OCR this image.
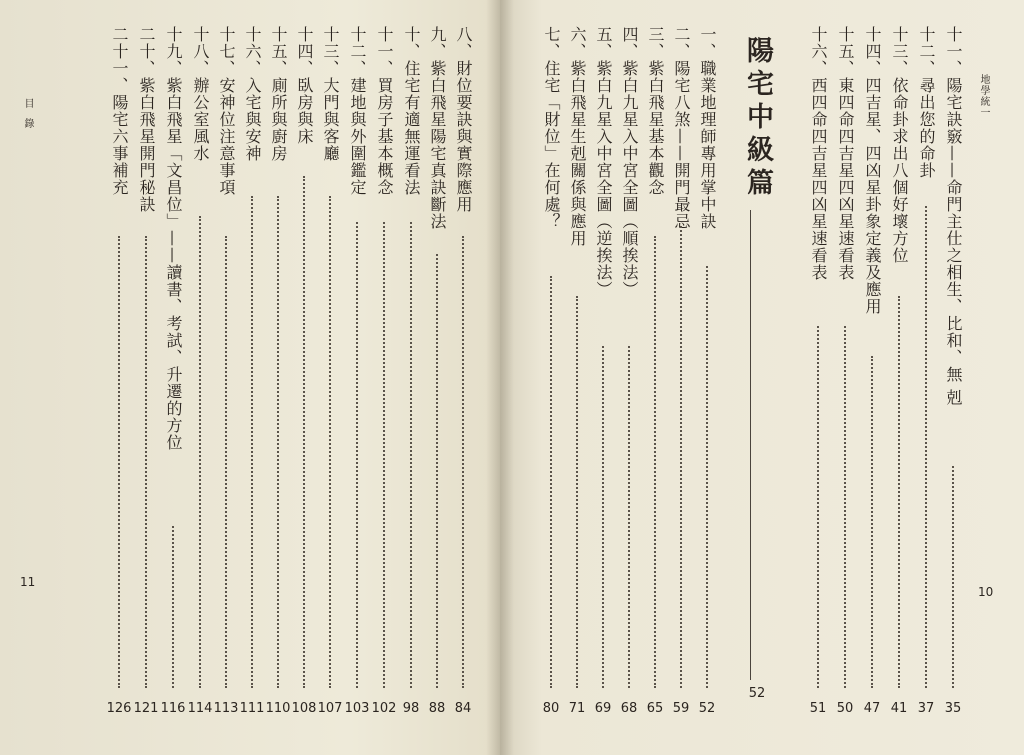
目錄
11
地學統一
10
陽宅中級篇
52
八、財位要訣與實際應用
84
九、紫白飛星陽宅真訣斷法
88
十、住宅有適無運看法
98
十一、買房子基本概念
102
十二、建地與外圍鑑定
103
十三、大門與客廳
107
十四、臥房與床
108
十五、廁所與廚房
110
十六、入宅與安神
111
十七、安神位注意事項
113
十八、辦公室風水
114
十九、紫白飛星「文昌位」——讀書、考試、升遷的方位
116
二十、紫白飛星開門秘訣
121
二十一、陽宅六事補充
126
一、職業地理師專用掌中訣
52
二、陽宅八煞——開門最忌
59
三、紫白飛星基本觀念
65
四、紫白九星入中宮全圖（順挨法）
68
五、紫白九星入中宮全圖（逆挨法）
69
六、紫白飛星生剋關係與應用
71
七、住宅「財位」在何處？
80
十一、陽宅訣竅——命門主仕之相生、比和、無 剋
35
十二、尋出您的命卦
37
十三、依命卦求出八個好壞方位
41
十四、四吉星、四凶星卦象定義及應用
47
十五、東四命四吉星四凶星速看表
50
十六、西四命四吉星四凶星速看表
51
